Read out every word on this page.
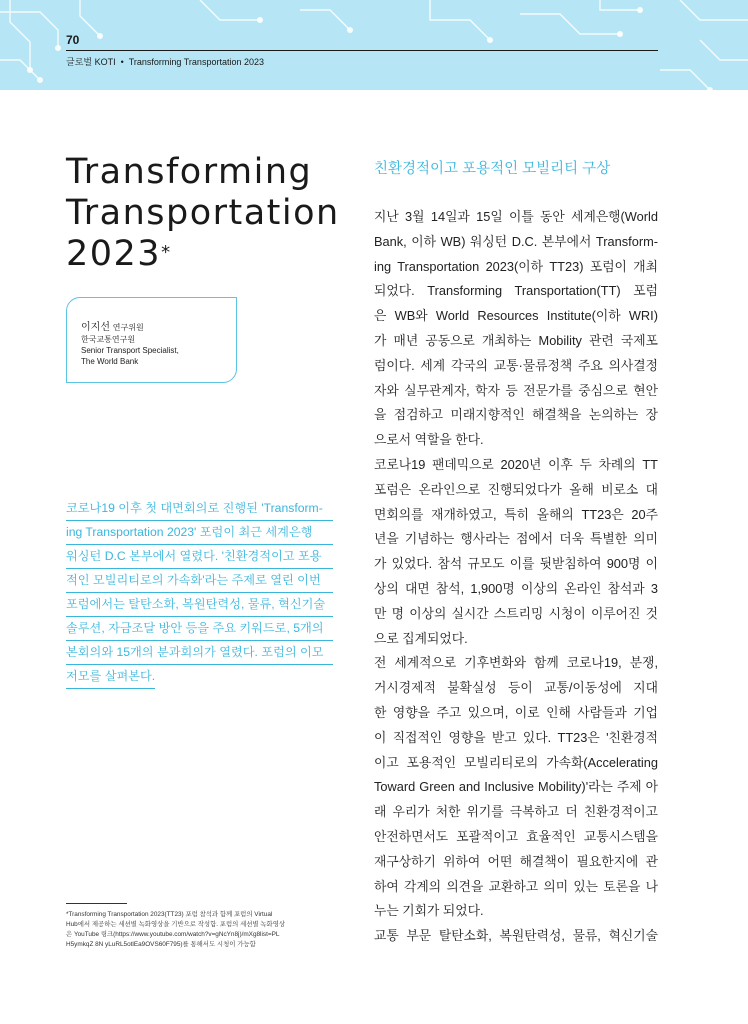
70
글로벌 KOTI • Transforming Transportation 2023
Transforming
Transportation
2023*
이지선 연구위원
한국교통연구원
Senior Transport Specialist,
The World Bank
코로나19 이후 첫 대면회의로 진행된 'Transform-
ing Transportation 2023' 포럼이 최근 세계은행
워싱턴 D.C 본부에서 열렸다. '친환경적이고 포용
적인 모빌리티로의 가속화'라는 주제로 열린 이번
포럼에서는 탈탄소화, 복원탄력성, 물류, 혁신기술
솔루션, 자금조달 방안 등을 주요 키워드로, 5개의
본회의와 15개의 분과회의가 열렸다. 포럼의 이모
저모를 살펴본다.
*Transforming Transportation 2023(TT23) 포럼 참석과 함께 포럼의 Virtual
Hub에서 제공하는 세션별 녹화영상을 기반으로 작성함. 포럼의 세션별 녹화영상
은 YouTube 링크(https://www.youtube.com/watch?v=gNcYn8j)/mXg8list=PL
H5ymkqZ 8N yLuRL5otlEa9OVS60F795)를 통해서도 시청이 가능함
친환경적이고 포용적인 모빌리티 구상
지난 3월 14일과 15일 이틀 동안 세계은행(World
Bank, 이하 WB) 워싱턴 D.C. 본부에서 Transform-
ing Transportation 2023(이하 TT23) 포럼이 개최
되었다. Transforming Transportation(TT) 포럼
은 WB와 World Resources Institute(이하 WRI)
가 매년 공동으로 개최하는 Mobility 관련 국제포
럼이다. 세계 각국의 교통·물류정책 주요 의사결정
자와 실무관계자, 학자 등 전문가를 중심으로 현안
을 점검하고 미래지향적인 해결책을 논의하는 장
으로서 역할을 한다.
코로나19 팬데믹으로 2020년 이후 두 차례의 TT
포럼은 온라인으로 진행되었다가 올해 비로소 대
면회의를 재개하였고, 특히 올해의 TT23은 20주
년을 기념하는 행사라는 점에서 더욱 특별한 의미
가 있었다. 참석 규모도 이를 뒷받침하여 900명 이
상의 대면 참석, 1,900명 이상의 온라인 참석과 3
만 명 이상의 실시간 스트리밍 시청이 이루어진 것
으로 집계되었다.
전 세계적으로 기후변화와 함께 코로나19, 분쟁,
거시경제적 불확실성 등이 교통/이동성에 지대
한 영향을 주고 있으며, 이로 인해 사람들과 기업
이 직접적인 영향을 받고 있다. TT23은 '친환경적
이고 포용적인 모빌리티로의 가속화(Accelerating
Toward Green and Inclusive Mobility)'라는 주제 아
래 우리가 처한 위기를 극복하고 더 친환경적이고
안전하면서도 포괄적이고 효율적인 교통시스템을
재구상하기 위하여 어떤 해결책이 필요한지에 관
하여 각계의 의견을 교환하고 의미 있는 토론을 나
누는 기회가 되었다.
교통 부문 탈탄소화, 복원탄력성, 물류, 혁신기술
